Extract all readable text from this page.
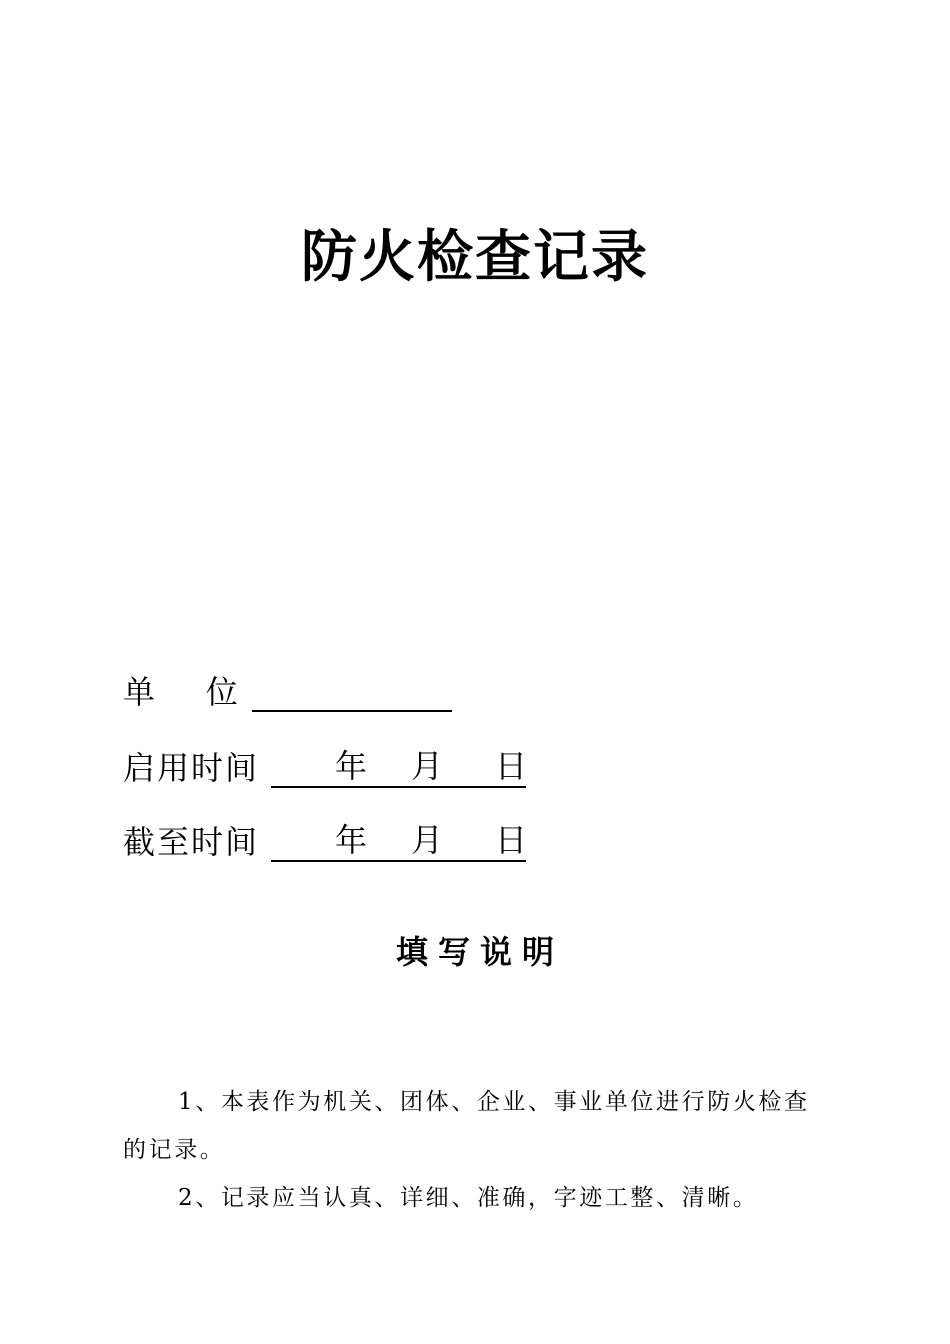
防火检查记录
单    位
启用时间 年 月 日
截至时间 年 月 日
填写说明

1、本表作为机关、团体、企业、事业单位进行防火检查的记录。

2、记录应当认真、详细、准确，字迹工整、清晰。
